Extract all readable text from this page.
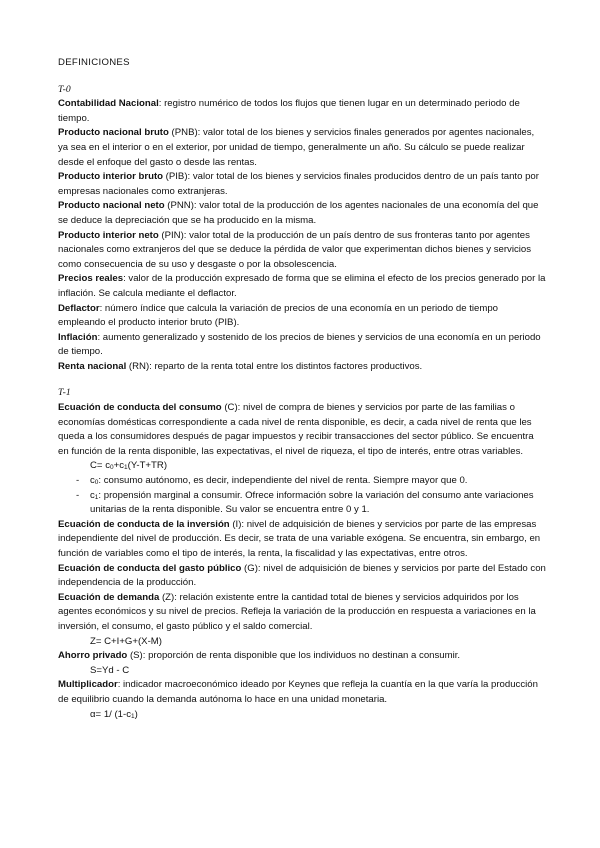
DEFINICIONES

T-0

Contabilidad Nacional: registro numérico de todos los flujos que tienen lugar en un determinado periodo de tiempo.

Producto nacional bruto (PNB): valor total de los bienes y servicios finales generados por agentes nacionales, ya sea en el interior o en el exterior, por unidad de tiempo, generalmente un año. Su cálculo se puede realizar desde el enfoque del gasto o desde las rentas.

Producto interior bruto (PIB): valor total de los bienes y servicios finales producidos dentro de un país tanto por empresas nacionales como extranjeras.

Producto nacional neto (PNN): valor total de la producción de los agentes nacionales de una economía del que se deduce la depreciación que se ha producido en la misma.

Producto interior neto (PIN): valor total de la producción de un país dentro de sus fronteras tanto por agentes nacionales como extranjeros del que se deduce la pérdida de valor que experimentan dichos bienes y servicios como consecuencia de su uso y desgaste o por la obsolescencia.

Precios reales: valor de la producción expresado de forma que se elimina el efecto de los precios generado por la inflación. Se calcula mediante el deflactor.

Deflactor: número índice que calcula la variación de precios de una economía en un periodo de tiempo empleando el producto interior bruto (PIB).

Inflación: aumento generalizado y sostenido de los precios de bienes y servicios de una economía en un periodo de tiempo.

Renta nacional (RN): reparto de la renta total entre los distintos factores productivos.

T-1

Ecuación de conducta del consumo (C): nivel de compra de bienes y servicios por parte de las familias o economías domésticas correspondiente a cada nivel de renta disponible, es decir, a cada nivel de renta que les queda a los consumidores después de pagar impuestos y recibir transacciones del sector público. Se encuentra en función de la renta disponible, las expectativas, el nivel de riqueza, el tipo de interés, entre otras variables.

$C= c_0+c_1(Y-T+TR)$

-	$c_0$: consumo autónomo, es decir, independiente del nivel de renta. Siempre mayor que 0.
-	$c_1$: propensión marginal a consumir. Ofrece información sobre la variación del consumo ante variaciones unitarias de la renta disponible. Su valor se encuentra entre 0 y 1.

Ecuación de conducta de la inversión (I): nivel de adquisición de bienes y servicios por parte de las empresas independiente del nivel de producción. Es decir, se trata de una variable exógena. Se encuentra, sin embargo, en función de variables como el tipo de interés, la renta, la fiscalidad y las expectativas, entre otros.

Ecuación de conducta del gasto público (G): nivel de adquisición de bienes y servicios por parte del Estado con independencia de la producción.

Ecuación de demanda (Z): relación existente entre la cantidad total de bienes y servicios adquiridos por los agentes económicos y su nivel de precios. Refleja la variación de la producción en respuesta a variaciones en la inversión, el consumo, el gasto público y el saldo comercial.

Z= C+I+G+(X-M)

Ahorro privado (S): proporción de renta disponible que los individuos no destinan a consumir.

S=Yd - C

Multiplicador: indicador macroeconómico ideado por Keynes que refleja la cuantía en la que varía la producción de equilibrio cuando la demanda autónoma lo hace en una unidad monetaria.

α= 1/ $(1-c_1)$
